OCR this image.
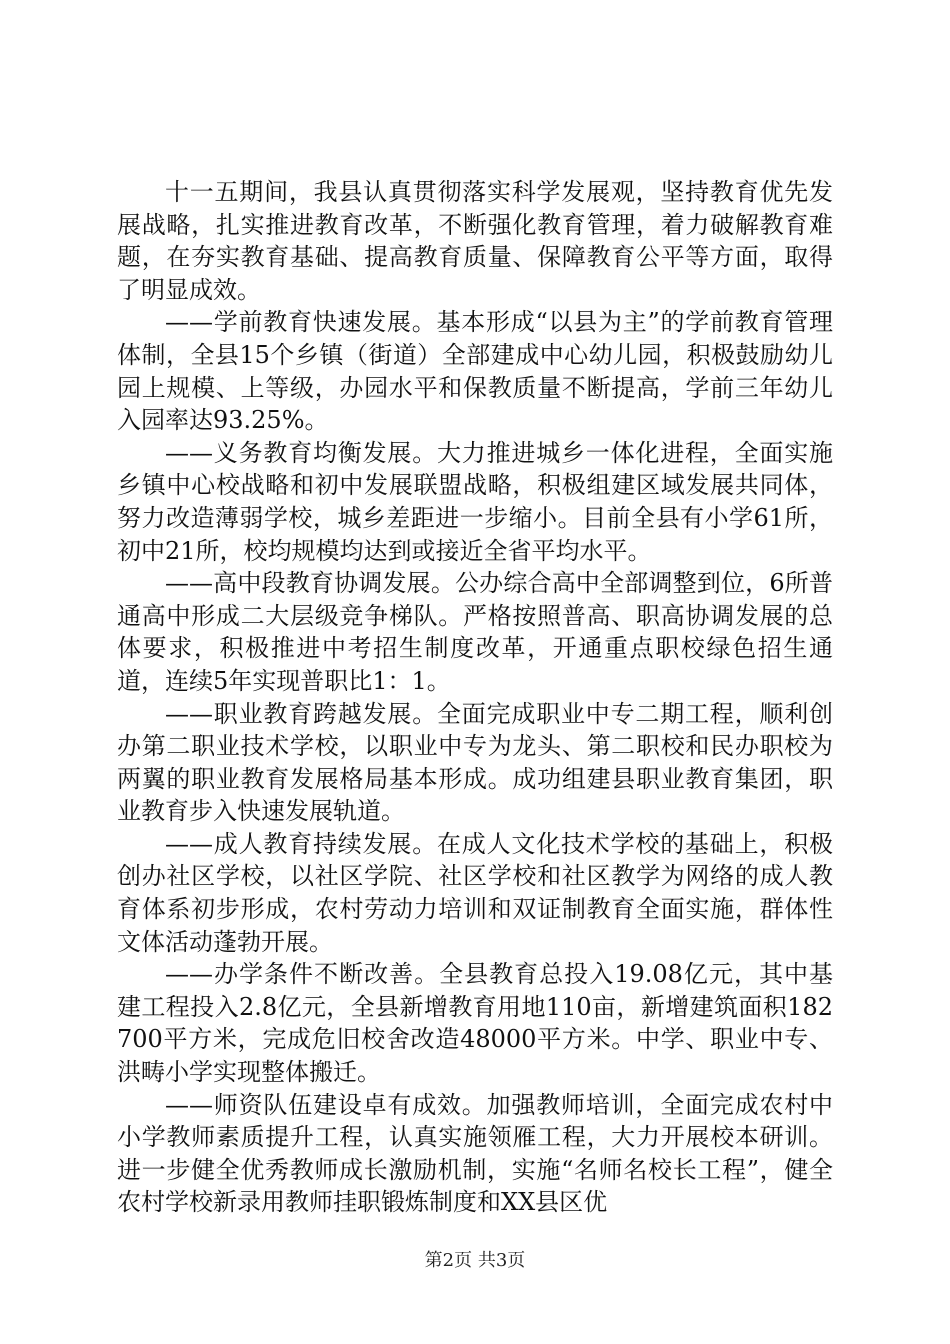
十一五期间，我县认真贯彻落实科学发展观，坚持教育优先发展战略，扎实推进教育改革，不断强化教育管理，着力破解教育难题，在夯实教育基础、提高教育质量、保障教育公平等方面，取得了明显成效。

——学前教育快速发展。基本形成“以县为主”的学前教育管理体制，全县15个乡镇（街道）全部建成中心幼儿园，积极鼓励幼儿园上规模、上等级，办园水平和保教质量不断提高，学前三年幼儿入园率达93.25%。

——义务教育均衡发展。大力推进城乡一体化进程，全面实施乡镇中心校战略和初中发展联盟战略，积极组建区域发展共同体，努力改造薄弱学校，城乡差距进一步缩小。目前全县有小学61所，初中21所，校均规模均达到或接近全省平均水平。

——高中段教育协调发展。公办综合高中全部调整到位，6所普通高中形成二大层级竞争梯队。严格按照普高、职高协调发展的总体要求，积极推进中考招生制度改革，开通重点职校绿色招生通道，连续5年实现普职比1：1。

——职业教育跨越发展。全面完成职业中专二期工程，顺利创办第二职业技术学校，以职业中专为龙头、第二职校和民办职校为两翼的职业教育发展格局基本形成。成功组建县职业教育集团，职业教育步入快速发展轨道。

——成人教育持续发展。在成人文化技术学校的基础上，积极创办社区学校，以社区学院、社区学校和社区教学为网络的成人教育体系初步形成，农村劳动力培训和双证制教育全面实施，群体性文体活动蓬勃开展。

——办学条件不断改善。全县教育总投入19.08亿元，其中基建工程投入2.8亿元，全县新增教育用地110亩，新增建筑面积182700平方米，完成危旧校舍改造48000平方米。中学、职业中专、洪畴小学实现整体搬迁。

——师资队伍建设卓有成效。加强教师培训，全面完成农村中小学教师素质提升工程，认真实施领雁工程，大力开展校本研训。进一步健全优秀教师成长激励机制，实施“名师名校长工程”，健全农村学校新录用教师挂职锻炼制度和XX县区优

第2页 共3页
